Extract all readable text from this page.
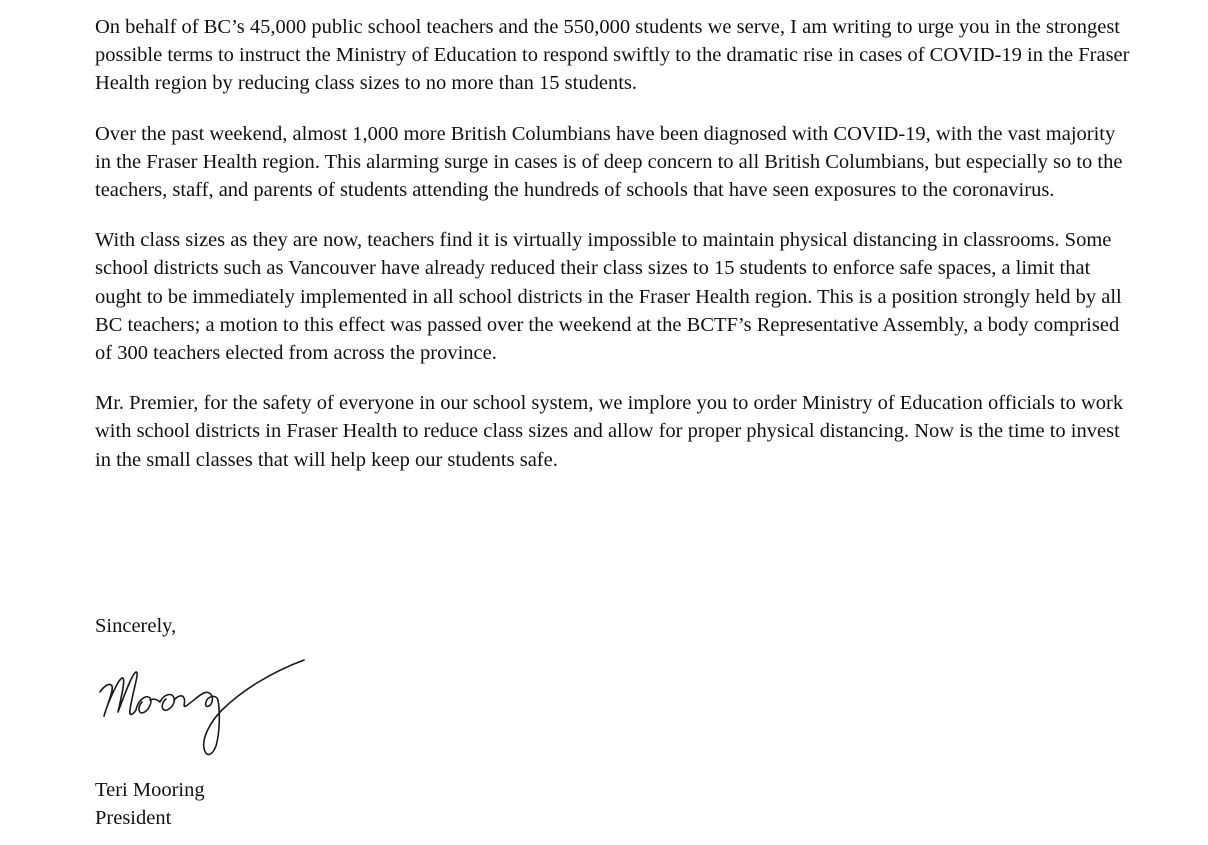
On behalf of BC’s 45,000 public school teachers and the 550,000 students we serve, I am writing to urge you in the strongest possible terms to instruct the Ministry of Education to respond swiftly to the dramatic rise in cases of COVID-19 in the Fraser Health region by reducing class sizes to no more than 15 students.

Over the past weekend, almost 1,000 more British Columbians have been diagnosed with COVID-19, with the vast majority in the Fraser Health region. This alarming surge in cases is of deep concern to all British Columbians, but especially so to the teachers, staff, and parents of students attending the hundreds of schools that have seen exposures to the coronavirus.

With class sizes as they are now, teachers find it is virtually impossible to maintain physical distancing in classrooms. Some school districts such as Vancouver have already reduced their class sizes to 15 students to enforce safe spaces, a limit that ought to be immediately implemented in all school districts in the Fraser Health region. This is a position strongly held by all BC teachers; a motion to this effect was passed over the weekend at the BCTF’s Representative Assembly, a body comprised of 300 teachers elected from across the province.

Mr. Premier, for the safety of everyone in our school system, we implore you to order Ministry of Education officials to work with school districts in Fraser Health to reduce class sizes and allow for proper physical distancing. Now is the time to invest in the small classes that will help keep our students safe.

Sincerely,
Teri Mooring
President
